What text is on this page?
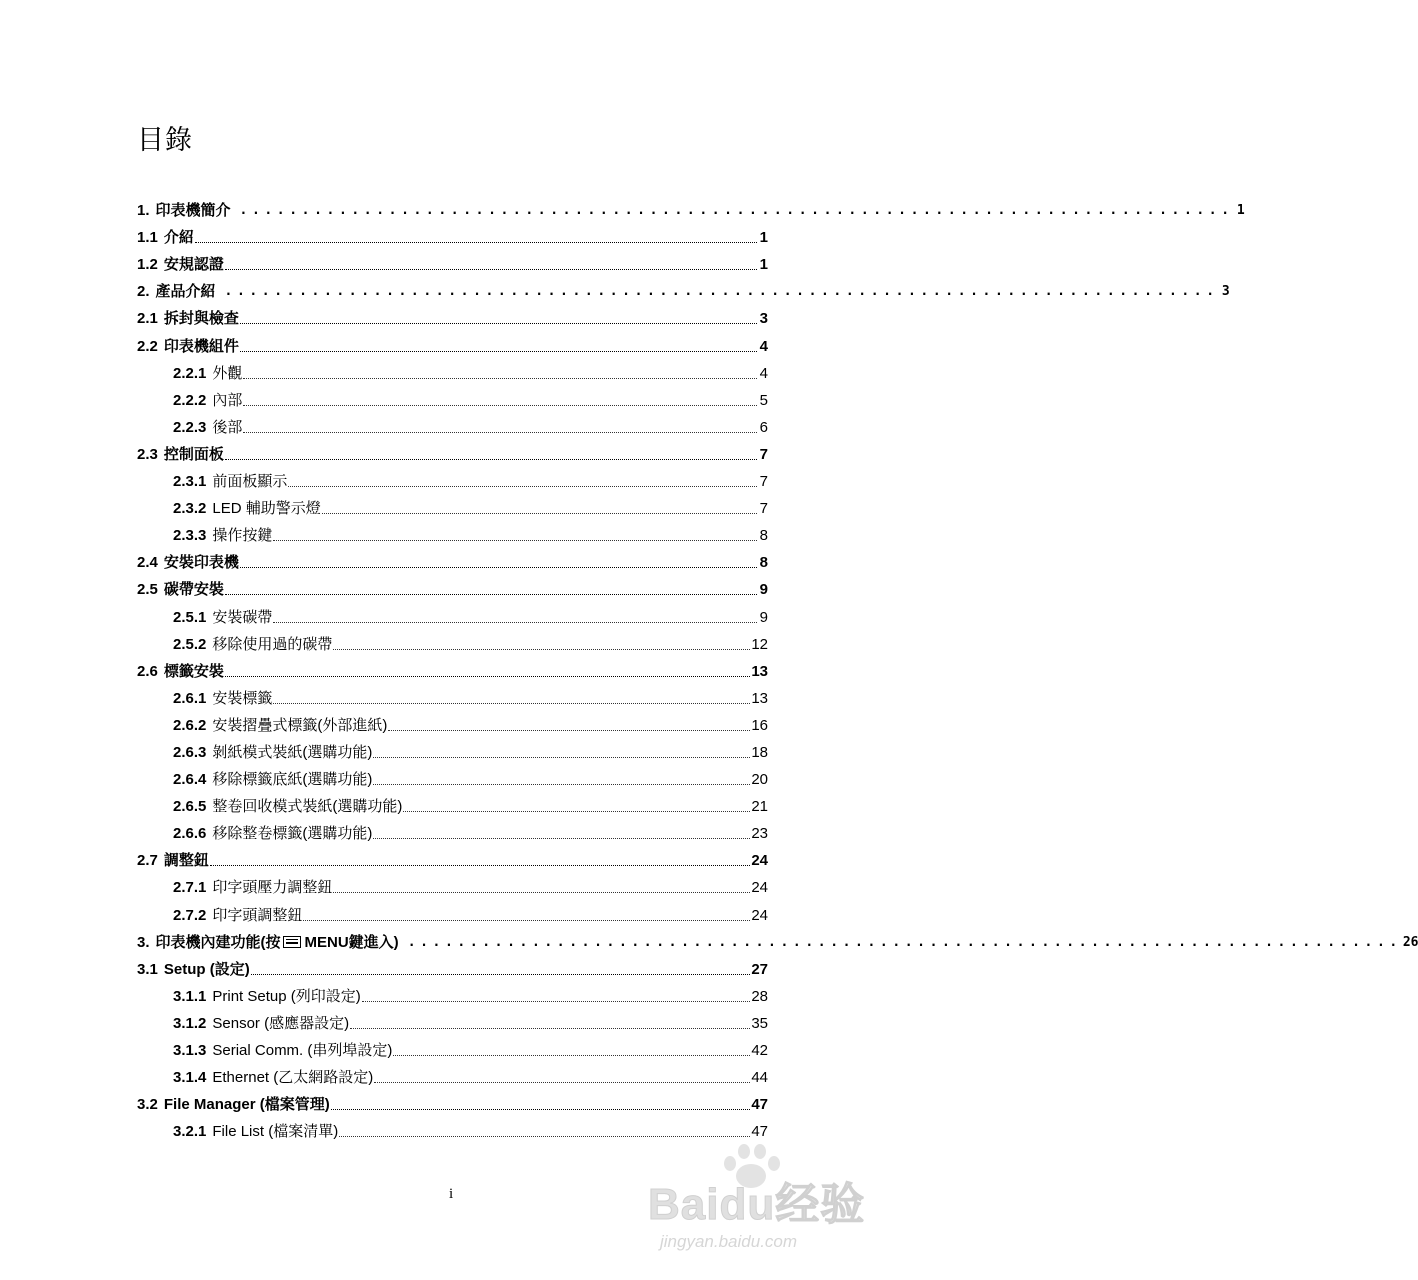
目錄
1. 印表機簡介 ................................................................................ 1
1.1 介紹	1
1.2 安規認證	1
2. 產品介紹 ................................................................................ 3
2.1 拆封與檢查	3
2.2 印表機組件	4
2.2.1 外觀	4
2.2.2 內部	5
2.2.3 後部	6
2.3 控制面板	7
2.3.1 前面板顯示	7
2.3.2 LED 輔助警示燈	7
2.3.3 操作按鍵	8
2.4 安裝印表機	8
2.5 碳帶安裝	9
2.5.1 安裝碳帶	9
2.5.2 移除使用過的碳帶	12
2.6 標籤安裝	13
2.6.1 安裝標籤	13
2.6.2 安裝摺疊式標籤(外部進紙)	16
2.6.3 剝紙模式裝紙(選購功能)	18
2.6.4 移除標籤底紙(選購功能)	20
2.6.5 整卷回收模式裝紙(選購功能)	21
2.6.6 移除整卷標籤(選購功能)	23
2.7 調整鈕	24
2.7.1 印字頭壓力調整鈕	24
2.7.2 印字頭調整鈕	24
3. 印表機內建功能(按 MENU鍵進入) ................................................................................ 26
3.1 Setup (設定)	27
3.1.1 Print Setup (列印設定)	28
3.1.2 Sensor (感應器設定)	35
3.1.3 Serial Comm. (串列埠設定)	42
3.1.4 Ethernet (乙太網路設定)	44
3.2 File Manager (檔案管理)	47
3.2.1 File List (檔案清單)	47
i	Baidu经验
jingyan.baidu.com
